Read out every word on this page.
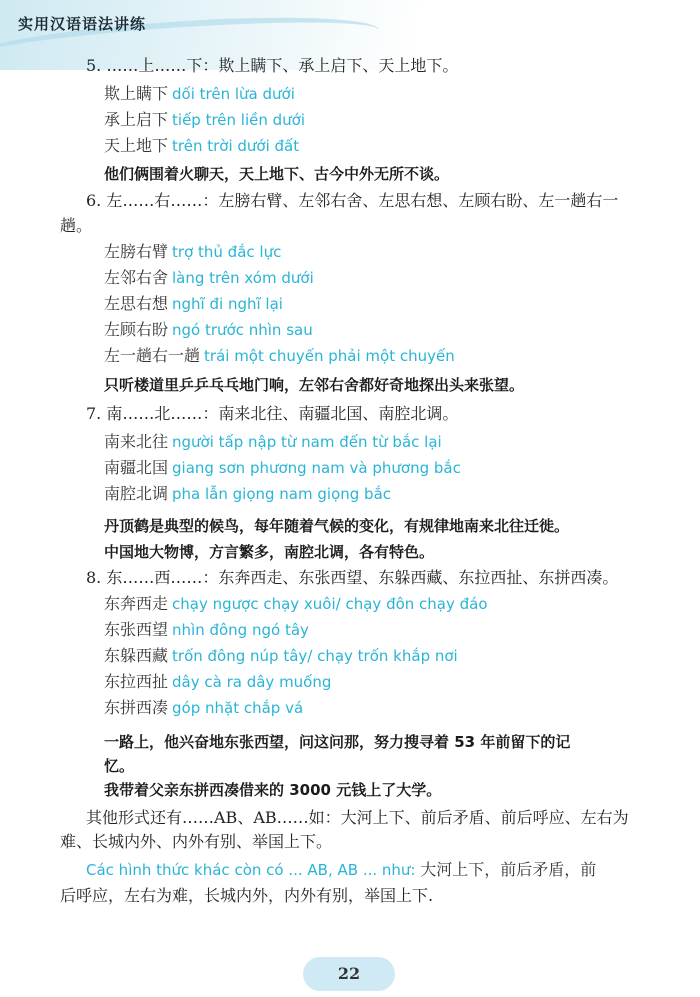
实用汉语语法讲练
5. ……上……下：欺上瞒下、承上启下、天上地下。
欺上瞒下 dối trên lừa dưới
承上启下 tiếp trên liền dưới
天上地下 trên trời dưới đất
他们俩围着火聊天，天上地下、古今中外无所不谈。
6. 左……右……：左膀右臂、左邻右舍、左思右想、左顾右盼、左一趟右一
趟。
左膀右臂 trợ thủ đắc lực
左邻右舍 làng trên xóm dưới
左思右想 nghĩ đi nghĩ lại
左顾右盼 ngó trước nhìn sau
左一趟右一趟 trái một chuyến phải một chuyến
只听楼道里乒乒乓乓地门响，左邻右舍都好奇地探出头来张望。
7. 南……北……：南来北往、南疆北国、南腔北调。
南来北往 người tấp nập từ nam đến từ bắc lại
南疆北国 giang sơn phương nam và phương bắc
南腔北调 pha lẫn giọng nam giọng bắc
丹顶鹤是典型的候鸟，每年随着气候的变化，有规律地南来北往迁徙。
中国地大物博，方言繁多，南腔北调，各有特色。
8. 东……西……：东奔西走、东张西望、东躲西藏、东拉西扯、东拼西凑。
东奔西走 chạy ngược chạy xuôi/ chạy đôn chạy đáo
东张西望 nhìn đông ngó tây
东躲西藏 trốn đông núp tây/ chạy trốn khắp nơi
东拉西扯 dây cà ra dây muống
东拼西凑 góp nhặt chắp vá
一路上，他兴奋地东张西望，问这问那，努力搜寻着 53 年前留下的记
忆。
我带着父亲东拼西凑借来的 3000 元钱上了大学。
其他形式还有……AB、AB……如：大河上下、前后矛盾、前后呼应、左右为
难、长城内外、内外有别、举国上下。
Các hình thức khác còn có ... AB, AB ... như: 大河上下，前后矛盾，前
后呼应，左右为难，长城内外，内外有别，举国上下.
22
